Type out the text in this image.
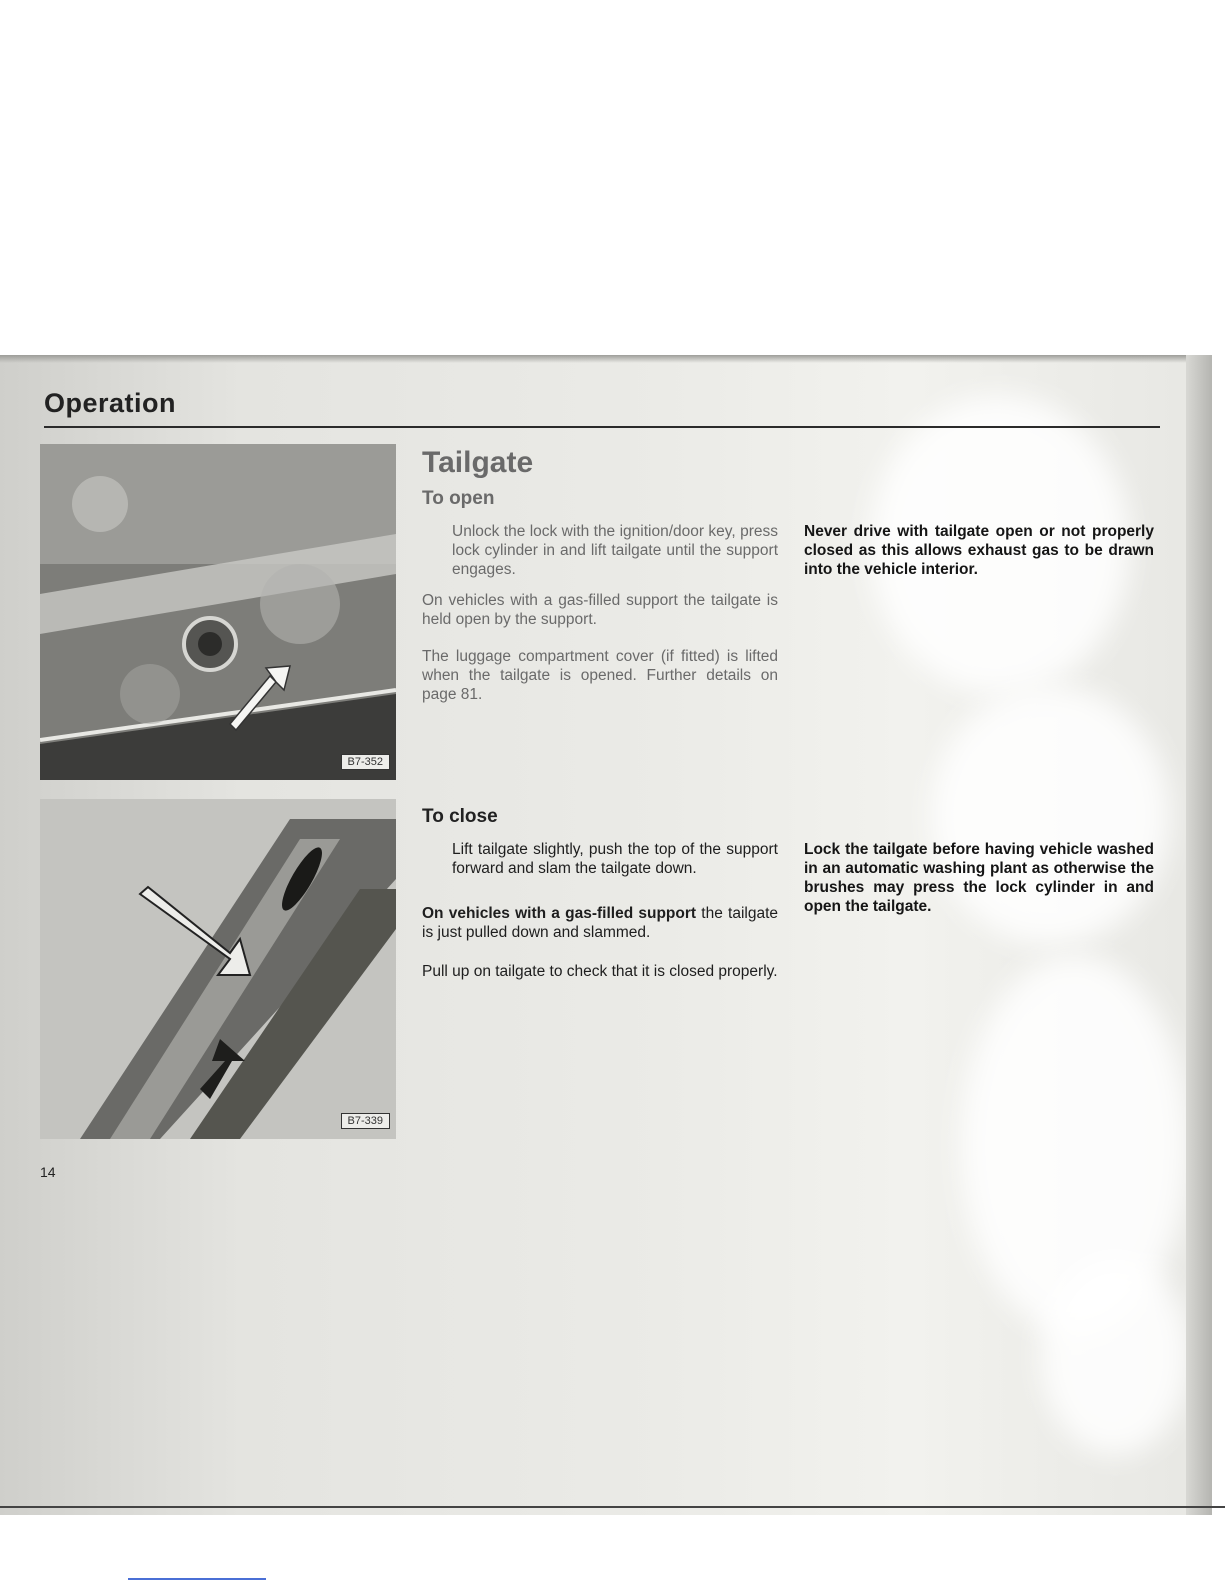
Operation
B7-352
B7-339
Tailgate
To open
Unlock the lock with the ignition/door key, press lock cylinder in and lift tailgate until the support engages.
On vehicles with a gas-filled support the tailgate is held open by the support.
The luggage compartment cover (if fitted) is lifted when the tailgate is opened. Further details on page 81.
Never drive with tailgate open or not properly closed as this allows exhaust gas to be drawn into the vehicle interior.
To close
Lift tailgate slightly, push the top of the support forward and slam the tailgate down.
On vehicles with a gas-filled support the tailgate is just pulled down and slammed.
Pull up on tailgate to check that it is closed properly.
Lock the tailgate before having vehicle washed in an automatic washing plant as otherwise the brushes may press the lock cylinder in and open the tailgate.
14
